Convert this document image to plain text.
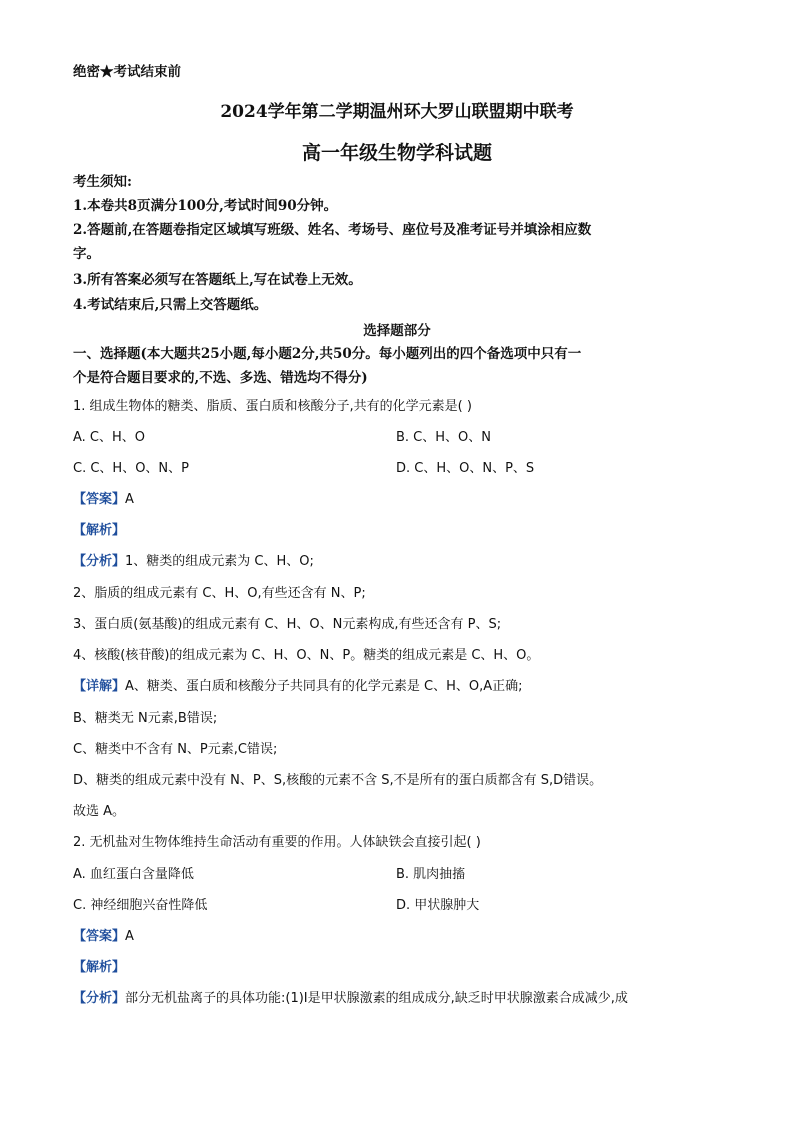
绝密★考试结束前
2024学年第二学期温州环大罗山联盟期中联考
高一年级生物学科试题
考生须知:
1.本卷共8页满分100分,考试时间90分钟。
2.答题前,在答题卷指定区域填写班级、姓名、考场号、座位号及准考证号并填涂相应数
字。
3.所有答案必须写在答题纸上,写在试卷上无效。
4.考试结束后,只需上交答题纸。
选择题部分
一、选择题(本大题共25小题,每小题2分,共50分。每小题列出的四个备选项中只有一
个是符合题目要求的,不选、多选、错选均不得分)
1. 组成生物体的糖类、脂质、蛋白质和核酸分子,共有的化学元素是( )
A. C、H、O	B. C、H、O、N
C. C、H、O、N、P	D. C、H、O、N、P、S
【答案】A
【解析】
【分析】1、糖类的组成元素为 C、H、O;
2、脂质的组成元素有 C、H、O,有些还含有 N、P;
3、蛋白质(氨基酸)的组成元素有 C、H、O、N元素构成,有些还含有 P、S;
4、核酸(核苷酸)的组成元素为 C、H、O、N、P。糖类的组成元素是 C、H、O。
【详解】A、糖类、蛋白质和核酸分子共同具有的化学元素是 C、H、O,A正确;
B、糖类无 N元素,B错误;
C、糖类中不含有 N、P元素,C错误;
D、糖类的组成元素中没有 N、P、S,核酸的元素不含 S,不是所有的蛋白质都含有 S,D错误。
故选 A。
2. 无机盐对生物体维持生命活动有重要的作用。人体缺铁会直接引起( )
A. 血红蛋白含量降低	B. 肌肉抽搐
C. 神经细胞兴奋性降低	D. 甲状腺肿大
【答案】A
【解析】
【分析】部分无机盐离子的具体功能:(1)I是甲状腺激素的组成成分,缺乏时甲状腺激素合成减少,成
